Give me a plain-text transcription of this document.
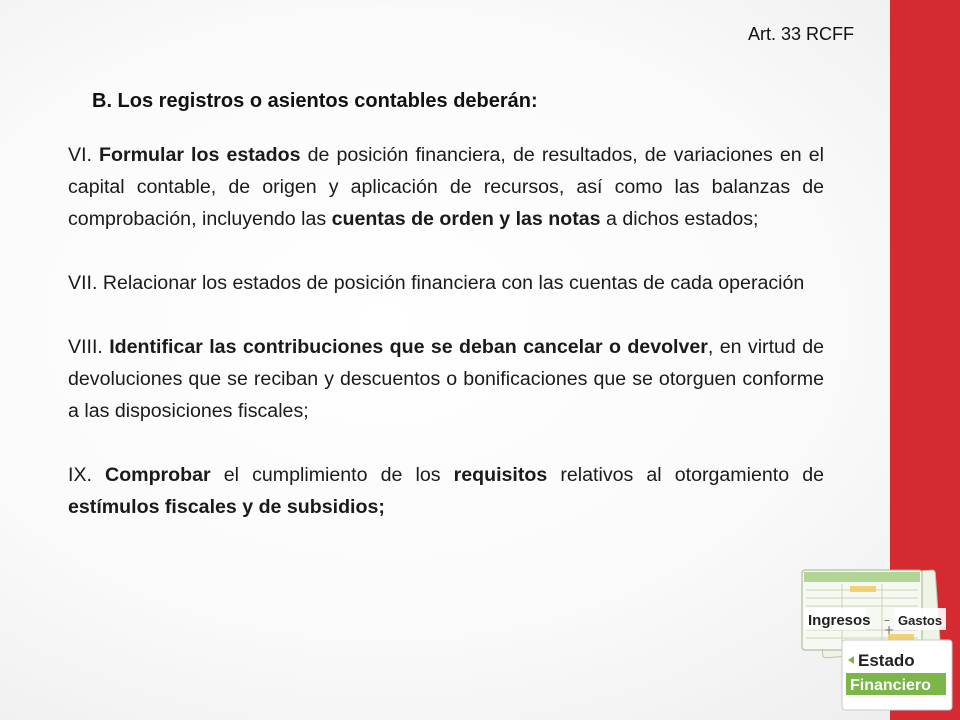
Art. 33 RCFF
B. Los registros o asientos contables deberán:

VI. Formular los estados de posición financiera, de resultados, de variaciones en el capital contable, de origen y aplicación de recursos, así como las balanzas de comprobación, incluyendo las cuentas de orden y las notas a dichos estados;

VII. Relacionar los estados de posición financiera con las cuentas de cada operación

VIII. Identificar las contribuciones que se deban cancelar o devolver, en virtud de devoluciones que se reciban y descuentos o bonificaciones que se otorguen conforme a las disposiciones fiscales;

IX. Comprobar el cumplimiento de los requisitos relativos al otorgamiento de estímulos fiscales y de subsidios;

Ingresos Gastos
–
+
Estado
Financiero
